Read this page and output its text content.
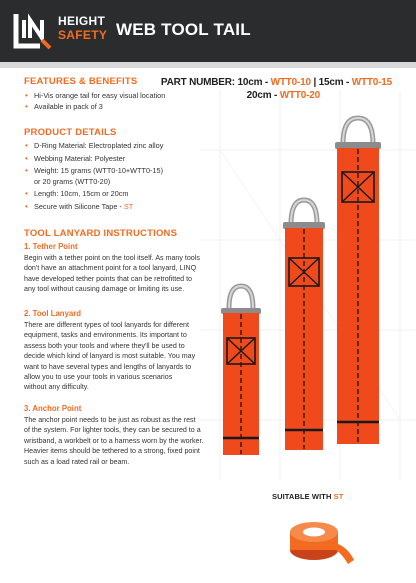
HEIGHT
SAFETY WEB TOOL TAIL
FEATURES & BENEFITS
• Hi-Vis orange tail for easy visual location
• Available in pack of 3
PART NUMBER: 10cm - WTT0-10 | 15cm - WTT0-15
20cm - WTT0-20
PRODUCT DETAILS
• D-Ring Material: Electroplated zinc alloy
• Webbing Material: Polyester
• Weight: 15 grams (WTT0-10+WTT0-15)
or 20 grams (WTT0-20)
• Length: 10cm, 15cm or 20cm
• Secure with Silicone Tape - ST
TOOL LANYARD INSTRUCTIONS
1. Tether Point
Begin with a tether point on the tool itself. As many tools
don't have an attachment point for a tool lanyard, LINQ
have developed tether points that can be retrofitted to
any tool without causing damage or limiting its use.
2. Tool Lanyard
There are different types of tool lanyards for different
equipment, tasks and environments. Its important to
assess both your tools and where they'll be used to
decide which kind of lanyard is most suitable. You may
want to have several types and lengths of lanyards to
allow you to use your tools in various scenarios
without any difficulty.
3. Anchor Point
The anchor point needs to be just as robust as the rest
of the system. For lighter tools, they can be secured to a
wristband, a workbelt or to a harness worn by the worker.
Heavier items should be tethered to a strong, fixed point
such as a load rated rail or beam.
SUITABLE WITH ST
